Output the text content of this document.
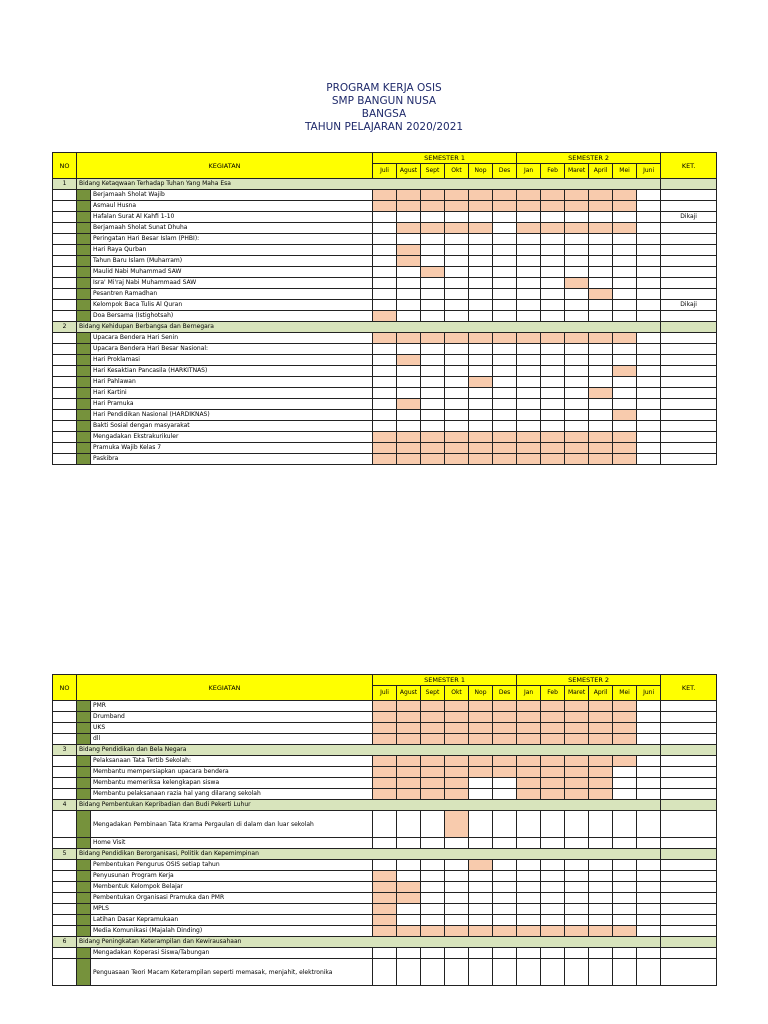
PROGRAM KERJA OSIS
SMP BANGUN NUSA
BANGSA
TAHUN PELAJARAN 2020/2021
NO	KEGIATAN		SEMESTER 1						SEMESTER 2						KET.
			Juli	Agust	Sept	Okt	Nop	Des	Jan	Feb	Maret	April	Mei	Juni	
1	Bidang Ketaqwaan Terhadap Tuhan Yang Maha Esa														
		Berjamaah Sholat Wajib													
		Asmaul Husna													
		Hafalan Surat Al Kahfi 1-10													Dikaji
		Berjamaah Sholat Sunat Dhuha													
		Peringatan Hari Besar Islam (PHBI):													
		Hari Raya Qurban													
		Tahun Baru Islam (Muharram)													
		Maulid Nabi Muhammad SAW													
		Isra' Mi'raj Nabi Muhammaad SAW													
		Pesantren Ramadhan													
		Kelompok Baca Tulis Al Quran													Dikaji
		Doa Bersama (Istighotsah)													
2	Bidang Kehidupan Berbangsa dan Bernegara														
		Upacara Bendera Hari Senin													
		Upacara Bendera Hari Besar Nasional:													
		Hari Proklamasi													
		Hari Kesaktian Pancasila (HARKITNAS)													
		Hari Pahlawan													
		Hari Kartini													
		Hari Pramuka													
		Hari Pendidikan Nasional (HARDIKNAS)													
		Bakti Sosial dengan masyarakat													
		Mengadakan Ekstrakurikuler													
		Pramuka Wajib Kelas 7													
		Paskibra													
NO	KEGIATAN		SEMESTER 1						SEMESTER 2						KET.
			Juli	Agust	Sept	Okt	Nop	Des	Jan	Feb	Maret	April	Mei	Juni	
		PMR													
		Drumband													
		UKS													
		dll													
3	Bidang Pendidikan dan Bela Negara														
		Pelaksanaan Tata Tertib Sekolah:													
		Membantu mempersiapkan upacara bendera													
		Membantu memeriksa kelengkapan siswa													
		Membantu pelaksanaan razia hal yang dilarang sekolah													
4	Bidang Pembentukan Kepribadian dan Budi Pekerti Luhur														
		Mengadakan Pembinaan Tata Krama Pergaulan di dalam dan luar sekolah													
		Home Visit													
5	Bidang Pendidikan Berorganisasi, Politik dan Kepemimpinan														
		Pembentukan Pengurus OSIS setiap tahun													
		Penyusunan Program Kerja													
		Membentuk Kelompok Belajar													
		Pembentukan Organisasi Pramuka dan PMR													
		MPLS													
		Latihan Dasar Kepramukaan													
		Media Komunikasi (Majalah Dinding)													
6	Bidang Peningkatan Keterampilan dan Kewirausahaan														
		Mengadakan Koperasi Siswa/Tabungan													
		Penguasaan Teori Macam Keterampilan seperti memasak, menjahit, elektronika													
